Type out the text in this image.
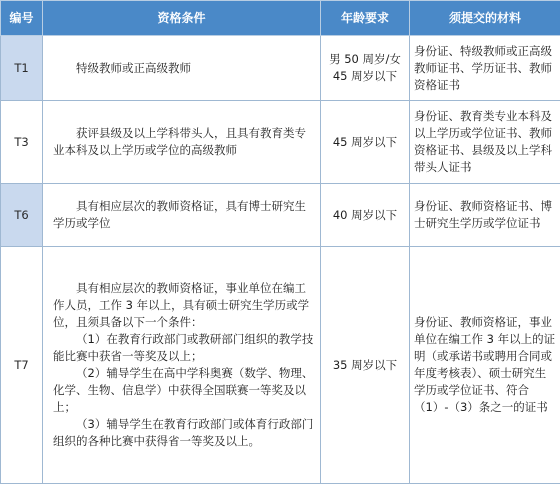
编号	资格条件	年龄要求	须提交的材料
T1	特级教师或正高级教师	男 50 周岁/女 45 周岁以下	身份证、特级教师或正高级教师证书、学历证书、教师资格证书
T3	获评县级及以上学科带头人，且具有教育类专业本科及以上学历或学位的高级教师	45 周岁以下	身份证、教育类专业本科及以上学历或学位证书、教师资格证书、县级及以上学科带头人证书
T6	具有相应层次的教师资格证，具有博士研究生学历或学位	40 周岁以下	身份证、教师资格证书、博士研究生学历或学位证书
T7	具有相应层次的教师资格证，事业单位在编工作人员，工作 3 年以上，具有硕士研究生学历或学位，且须具备以下一个条件：

（1）在教育行政部门或教研部门组织的教学技能比赛中获省一等奖及以上；

（2）辅导学生在高中学科奥赛（数学、物理、化学、生物、信息学）中获得全国联赛一等奖及以上；

（3）辅导学生在教育行政部门或体育行政部门组织的各种比赛中获得省一等奖及以上。	35 周岁以下	身份证、教师资格证，事业单位在编工作 3 年以上的证明（或承诺书或聘用合同或年度考核表）、硕士研究生学历或学位证书、符合（1）-（3）条之一的证书
